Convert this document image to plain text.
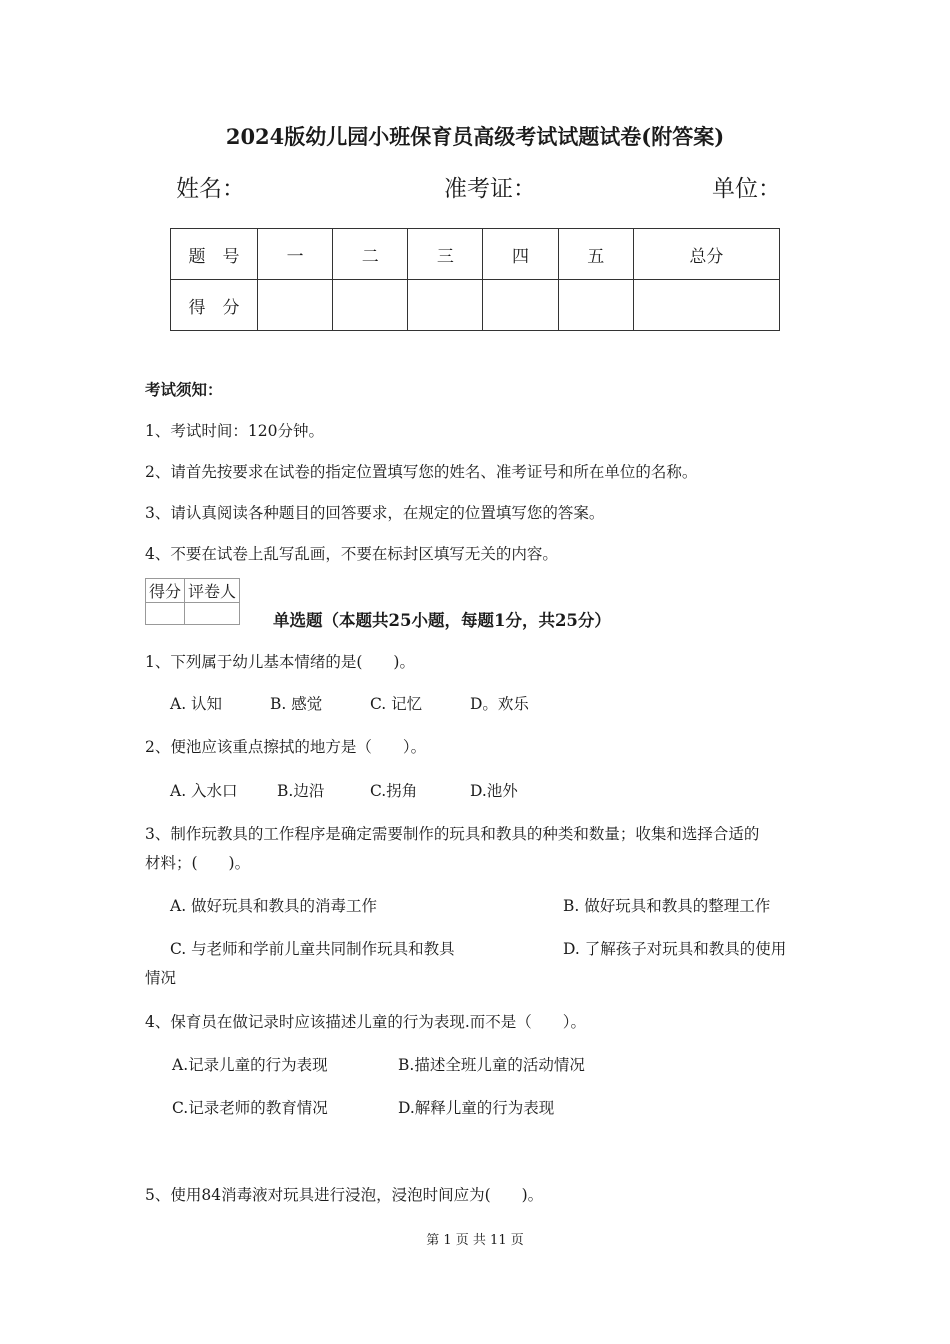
2024版幼儿园小班保育员高级考试试题试卷(附答案)
姓名：	准考证：	单位：
题　号	一	二	三	四	五	总分
得　分						
考试须知：
1、考试时间：120分钟。
2、请首先按要求在试卷的指定位置填写您的姓名、准考证号和所在单位的名称。
3、请认真阅读各种题目的回答要求，在规定的位置填写您的答案。
4、不要在试卷上乱写乱画，不要在标封区填写无关的内容。
得分	评卷人

单选题（本题共25小题，每题1分，共25分）
1、下列属于幼儿基本情绪的是(　　)。
A. 认知	B. 感觉	C. 记忆	D。欢乐
2、便池应该重点擦拭的地方是（　　）。
A. 入水口	B.边沿	C.拐角	D.池外
3、制作玩教具的工作程序是确定需要制作的玩具和教具的种类和数量；收集和选择合适的
材料；(　　)。
A. 做好玩具和教具的消毒工作	B. 做好玩具和教具的整理工作
C. 与老师和学前儿童共同制作玩具和教具	D. 了解孩子对玩具和教具的使用
情况
4、保育员在做记录时应该描述儿童的行为表现.而不是（　　）。
A.记录儿童的行为表现	B.描述全班儿童的活动情况
C.记录老师的教育情况	D.解释儿童的行为表现
5、使用84消毒液对玩具进行浸泡，浸泡时间应为(　　)。
第 1 页 共 11 页
